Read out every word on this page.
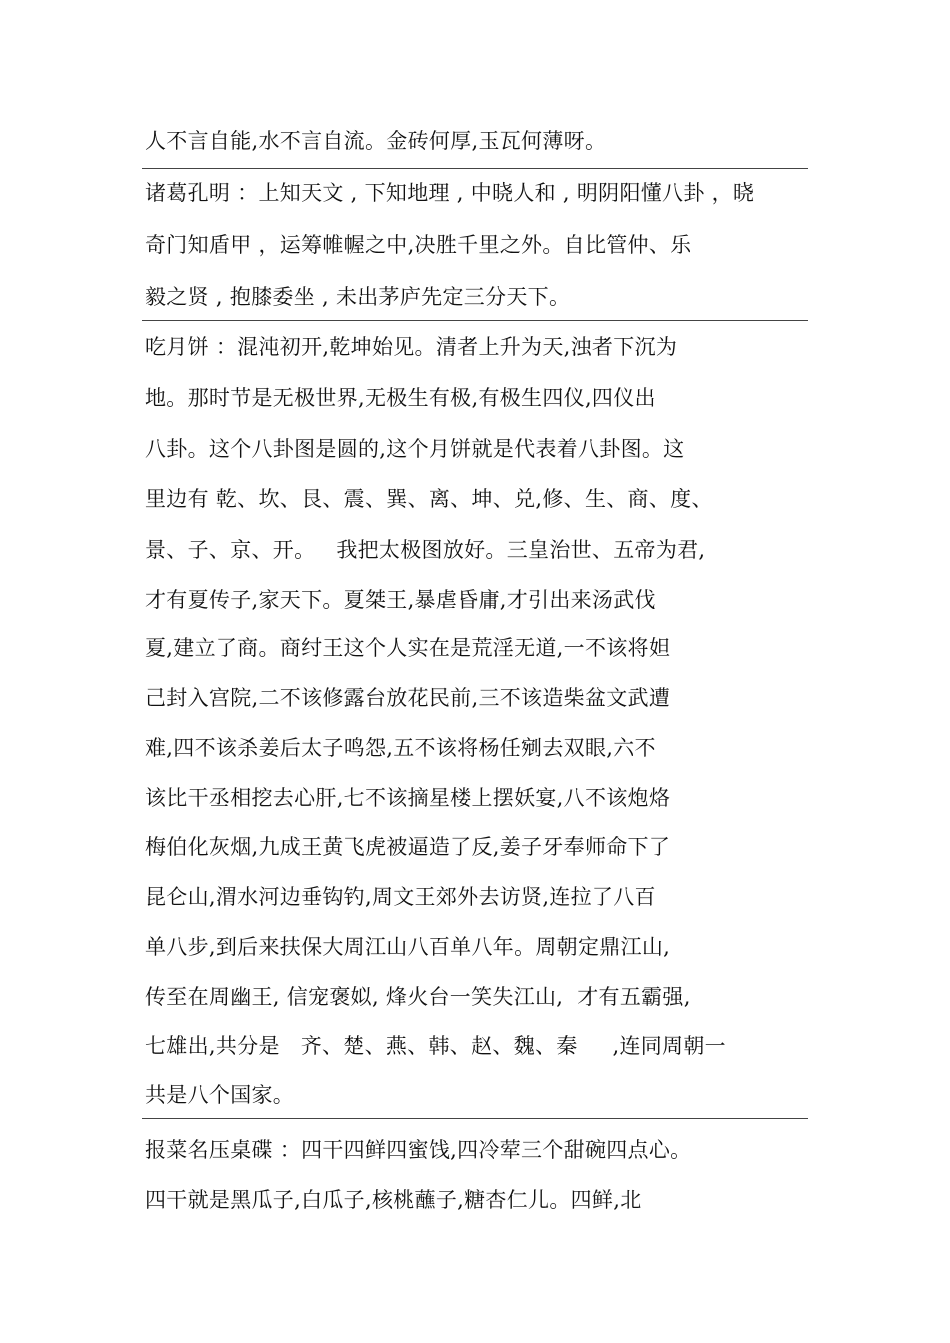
人不言自能,水不言自流。金砖何厚,玉瓦何薄呀。
诸葛孔明 ：上知天文 , 下知地理 , 中晓人和 , 明阴阳懂八卦 ，晓
奇门知盾甲 ，运筹帷幄之中,决胜千里之外。自比管仲、乐
毅之贤 , 抱膝委坐 , 未出茅庐先定三分天下。
吃月饼 ：混沌初开,乾坤始见。清者上升为天,浊者下沉为
地。那时节是无极世界,无极生有极,有极生四仪,四仪出
八卦。这个八卦图是圆的,这个月饼就是代表着八卦图。这
里边有 乾、坎、艮、震、巽、离、坤、兑,修、生、商、度、
景、子、京、开。   我把太极图放好。三皇治世、五帝为君,
才有夏传子,家天下。夏桀王,暴虐昏庸,才引出来汤武伐
夏,建立了商。商纣王这个人实在是荒淫无道,一不该将妲
己封入宫院,二不该修露台放花民前,三不该造柴盆文武遭
难,四不该杀姜后太子鸣怨,五不该将杨任剜去双眼,六不
该比干丞相挖去心肝,七不该摘星楼上摆妖宴,八不该炮烙
梅伯化灰烟,九成王黄飞虎被逼造了反,姜子牙奉师命下了
昆仑山,渭水河边垂钩钓,周文王郊外去访贤,连拉了八百
单八步,到后来扶保大周江山八百单八年。周朝定鼎江山,
传至在周幽王, 信宠褒姒, 烽火台一笑失江山,  才有五霸强,
七雄出,共分是   齐、楚、燕、韩、赵、魏、秦     ,连同周朝一
共是八个国家。
报菜名压桌碟 ：四干四鲜四蜜饯,四冷荤三个甜碗四点心。
四干就是黑瓜子,白瓜子,核桃蘸子,糖杏仁儿。四鲜,北
